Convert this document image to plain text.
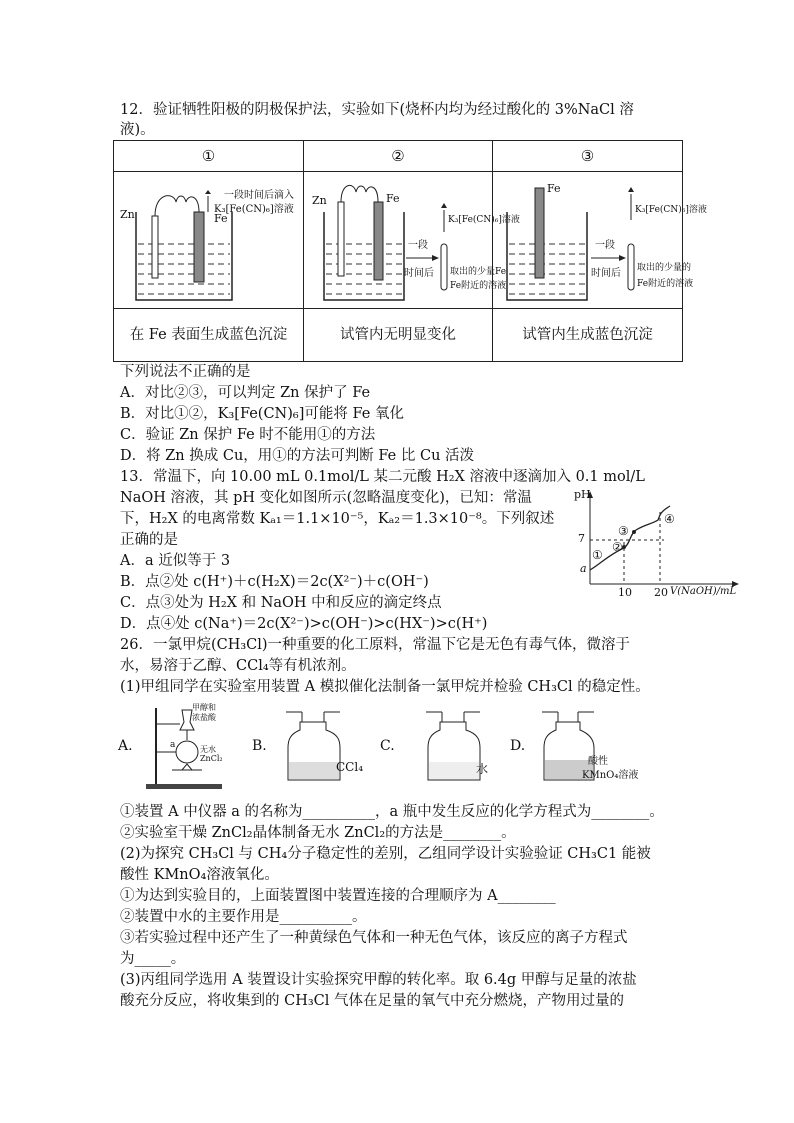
12．验证牺牲阳极的阴极保护法，实验如下(烧杯内均为经过酸化的 3%NaCl 溶
液)。
①	②	③
Zn	Fe
一段时间后滴入
K₃[Fe(CN)₆]溶液
Zn	Fe
一段
时间后
K₃[Fe(CN)₆]溶液
取出的少量Fe
Fe附近的溶液
Fe
一段
时间后
K₃[Fe(CN)₆]溶液
取出的少量的
Fe附近的溶液
在 Fe 表面生成蓝色沉淀	试管内无明显变化	试管内生成蓝色沉淀
下列说法不正确的是
A．对比②③，可以判定 Zn 保护了 Fe
B．对比①②，K₃[Fe(CN)₆]可能将 Fe 氧化
C．验证 Zn 保护 Fe 时不能用①的方法
D．将 Zn 换成 Cu，用①的方法可判断 Fe 比 Cu 活泼
13．常温下，向 10.00 mL 0.1mol/L 某二元酸 H₂X 溶液中逐滴加入 0.1 mol/L
NaOH 溶液，其 pH 变化如图所示(忽略温度变化)，已知：常温
下，H₂X 的电离常数 Kₐ₁＝1.1×10⁻⁵，Kₐ₂＝1.3×10⁻⁸。下列叙述
正确的是
A．a 近似等于 3
B．点②处 c(H⁺)＋c(H₂X)＝2c(X²⁻)＋c(OH⁻)
C．点③处为 H₂X 和 NaOH 中和反应的滴定终点
D．点④处 c(Na⁺)＝2c(X²⁻)>c(OH⁻)>c(HX⁻)>c(H⁺)
pH
7
a
10 20 V(NaOH)/mL
①
②
③
④
26．一氯甲烷(CH₃Cl)一种重要的化工原料，常温下它是无色有毒气体，微溶于
水，易溶于乙醇、CCl₄等有机浓剂。
(1)甲组同学在实验室用装置 A 模拟催化法制备一氯甲烷并检验 CH₃Cl 的稳定性。
A.
甲醇和
浓盐酸
无水
ZnCl₂
a	B.
CCl₄
C.
水
D.
酸性
KMnO₄溶液
①装置 A 中仪器 a 的名称为__________，a 瓶中发生反应的化学方程式为________。
②实验室干燥 ZnCl₂晶体制备无水 ZnCl₂的方法是________。
(2)为探究 CH₃Cl 与 CH₄分子稳定性的差别，乙组同学设计实验验证 CH₃C1 能被
酸性 KMnO₄溶液氧化。
①为达到实验目的，上面装置图中装置连接的合理顺序为 A________
②装置中水的主要作用是__________。
③若实验过程中还产生了一种黄绿色气体和一种无色气体，该反应的离子方程式
为_____。
(3)丙组同学选用 A 装置设计实验探究甲醇的转化率。取 6.4g 甲醇与足量的浓盐
酸充分反应，将收集到的 CH₃Cl 气体在足量的氧气中充分燃烧，产物用过量的
